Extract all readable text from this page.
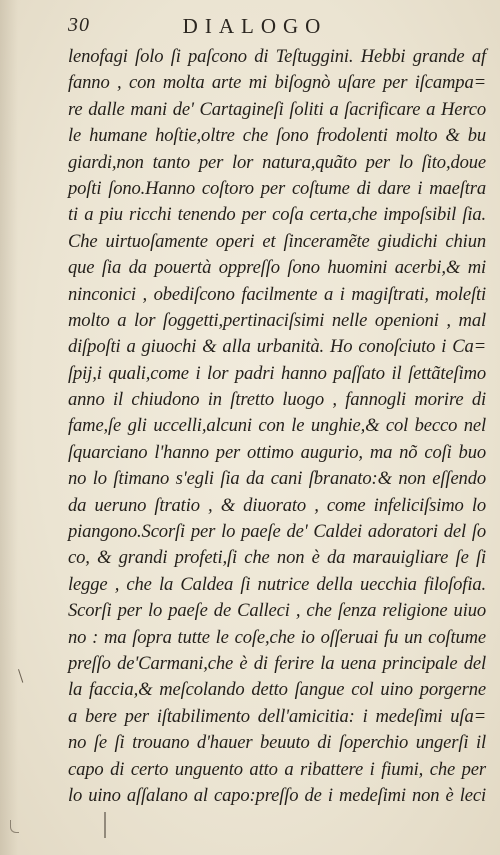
30	DIALOGO
lenofagi ſolo ſi paſcono di Teſtuggini. Hebbi grande af
fanno , con molta arte mi biſognò uſare per iſcampa=
re dalle mani de' Cartagineſi ſoliti a ſacrificare a Herco
le humane hoſtie,oltre che ſono frodolenti molto & bu
giardi,non tanto per lor natura,quãto per lo ſito,doue
poſti ſono.Hanno coſtoro per coſtume di dare i maeſtra
ti a piu ricchi tenendo per coſa certa,che impoſsibil ſia.
Che uirtuoſamente operi et ſinceramẽte giudichi chiun
que ſia da pouertà oppreſſo ſono huomini acerbi,& mi
ninconici , obediſcono facilmente a i magiſtrati, moleſti
molto a lor ſoggetti,pertinaciſsimi nelle openioni , mal
diſpoſti a giuochi & alla urbanità. Ho conoſciuto i Ca=
ſpij,i quali,come i lor padri hanno paſſato il ſettãteſimo
anno il chiudono in ſtretto luogo , fannogli morire di
fame,ſe gli uccelli,alcuni con le unghie,& col becco nel
ſquarciano l'hanno per ottimo augurio, ma nõ coſi buo
no lo ſtimano s'egli ſia da cani ſbranato:& non eſſendo
da ueruno ſtratio , & diuorato , come infeliciſsimo lo
piangono.Scorſi per lo paeſe de' Caldei adoratori del ſo
co, & grandi profeti,ſi che non è da marauigliare ſe ſi
legge , che la Caldea ſi nutrice della uecchia filoſofia.
Scorſi per lo paeſe de Calleci , che ſenza religione uiuo
no : ma ſopra tutte le coſe,che io oſſeruai fu un coſtume
preſſo de'Carmani,che è di ferire la uena principale del
la faccia,& meſcolando detto ſangue col uino porgerne
a bere per iſtabilimento dell'amicitia: i medeſimi uſa=
no ſe ſi trouano d'hauer beuuto di ſoperchio ungerſi il
capo di certo unguento atto a ribattere i fiumi, che per
lo uino aſſalano al capo:preſſo de i medeſimi non è leci
